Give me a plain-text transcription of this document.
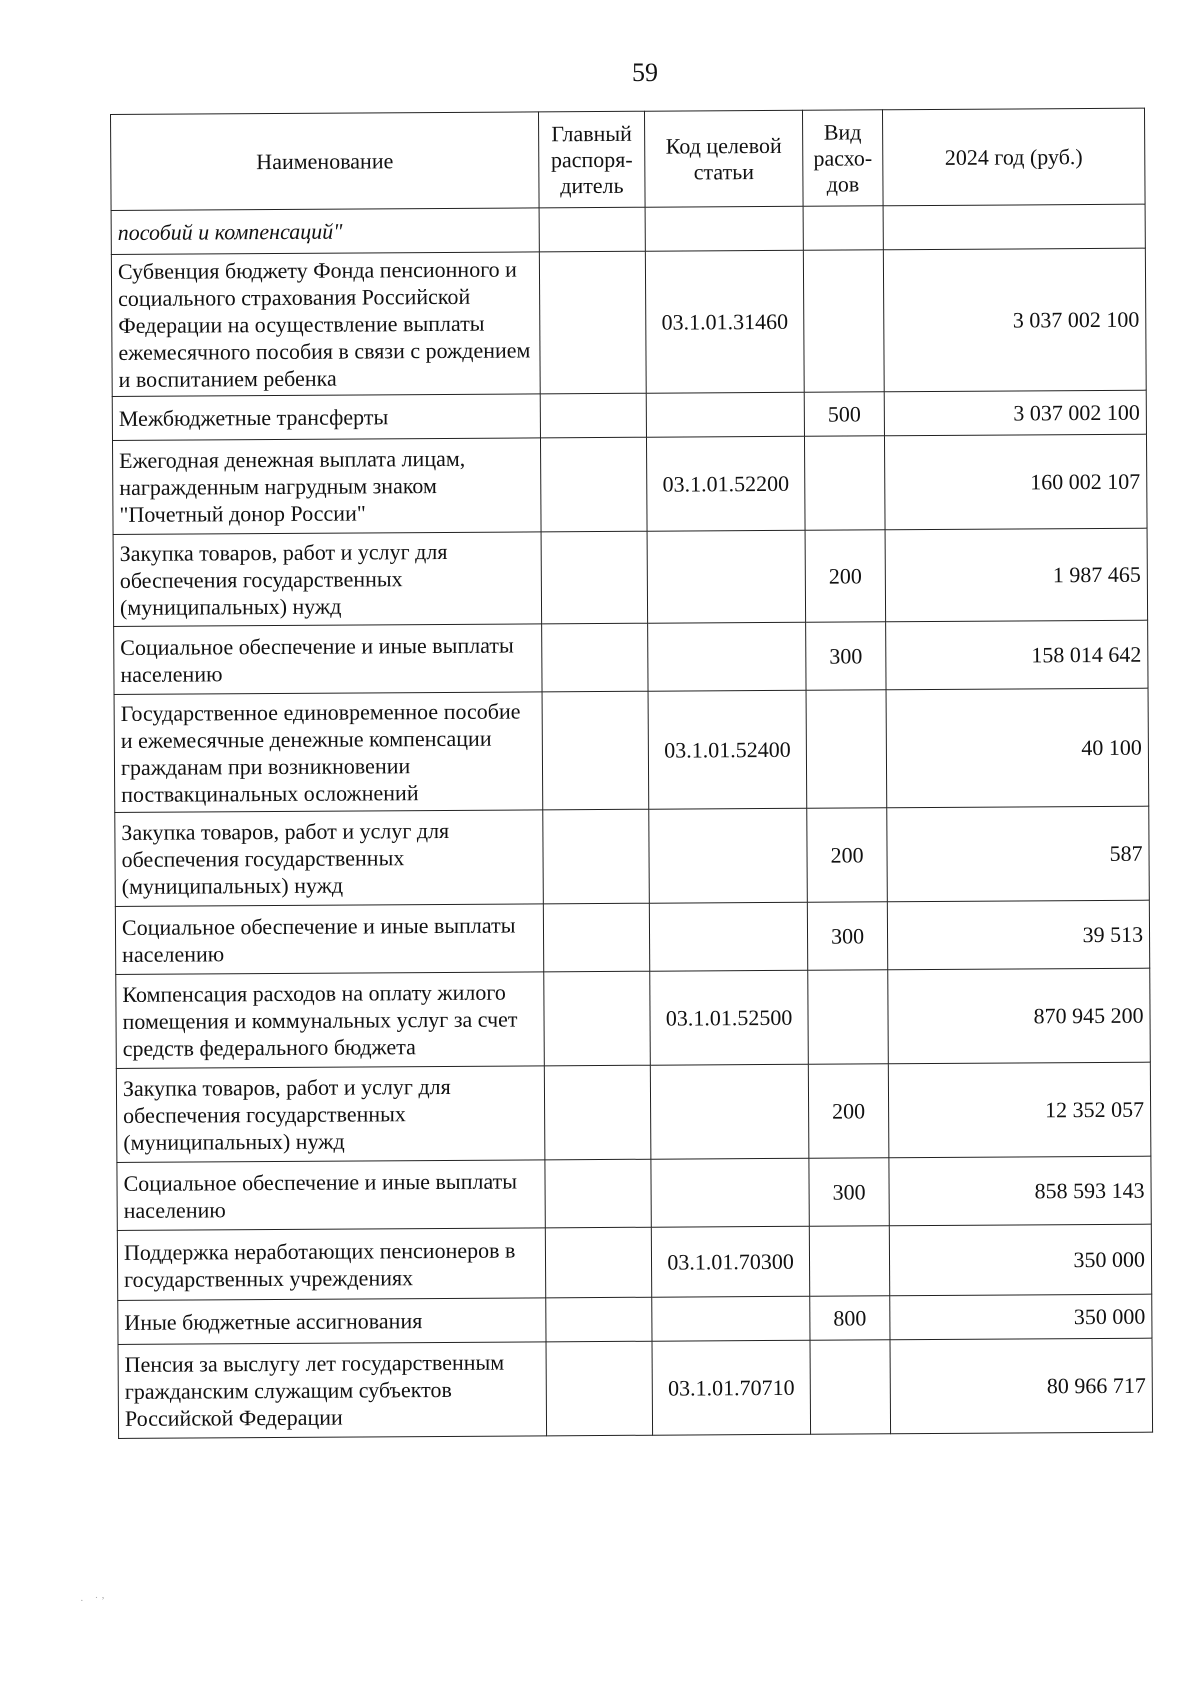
59
Наименование	Главный распоря-дитель	Код целевой статьи	Вид расхо-дов	2024 год (руб.)
пособий и компенсаций"				
Субвенция бюджету Фонда пенсионного и социального страхования Российской Федерации на осуществление выплаты ежемесячного пособия в связи с рождением и воспитанием ребенка		03.1.01.31460		3 037 002 100
Межбюджетные трансферты			500	3 037 002 100
Ежегодная денежная выплата лицам, награжденным нагрудным знаком "Почетный донор России"		03.1.01.52200		160 002 107
Закупка товаров, работ и услуг для обеспечения государственных (муниципальных) нужд			200	1 987 465
Социальное обеспечение и иные выплаты населению			300	158 014 642
Государственное единовременное пособие и ежемесячные денежные компенсации гражданам при возникновении поствакцинальных осложнений		03.1.01.52400		40 100
Закупка товаров, работ и услуг для обеспечения государственных (муниципальных) нужд			200	587
Социальное обеспечение и иные выплаты населению			300	39 513
Компенсация расходов на оплату жилого помещения и коммунальных услуг за счет средств федерального бюджета		03.1.01.52500		870 945 200
Закупка товаров, работ и услуг для обеспечения государственных (муниципальных) нужд			200	12 352 057
Социальное обеспечение и иные выплаты населению			300	858 593 143
Поддержка неработающих пенсионеров в государственных учреждениях		03.1.01.70300		350 000
Иные бюджетные ассигнования			800	350 000
Пенсия за выслугу лет государственным гражданским служащим субъектов Российской Федерации		03.1.01.70710		80 966 717
·    ˙ ʼ
